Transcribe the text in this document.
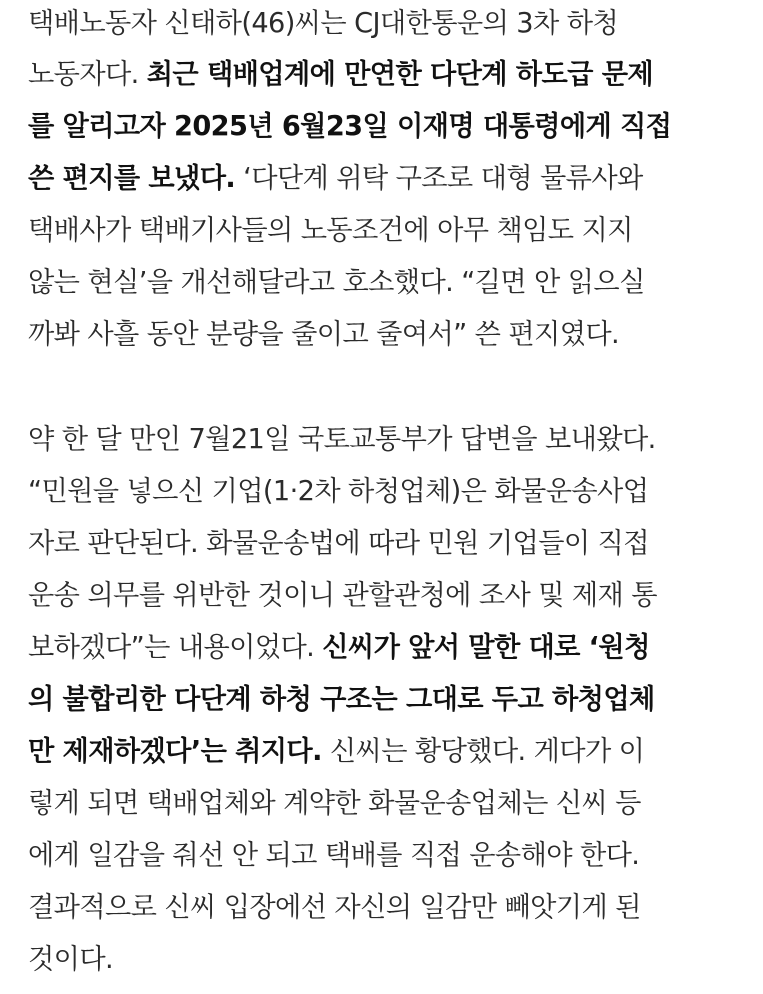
택배노동자 신태하(46)씨는 CJ대한통운의 3차 하청
노동자다. 최근 택배업계에 만연한 다단계 하도급 문제
를 알리고자 2025년 6월23일 이재명 대통령에게 직접
쓴 편지를 보냈다. ‘다단계 위탁 구조로 대형 물류사와
택배사가 택배기사들의 노동조건에 아무 책임도 지지
않는 현실’을 개선해달라고 호소했다. “길면 안 읽으실
까봐 사흘 동안 분량을 줄이고 줄여서” 쓴 편지였다.
약 한 달 만인 7월21일 국토교통부가 답변을 보내왔다.
“민원을 넣으신 기업(1·2차 하청업체)은 화물운송사업
자로 판단된다. 화물운송법에 따라 민원 기업들이 직접
운송 의무를 위반한 것이니 관할관청에 조사 및 제재 통
보하겠다”는 내용이었다. 신씨가 앞서 말한 대로 ‘원청
의 불합리한 다단계 하청 구조는 그대로 두고 하청업체
만 제재하겠다’는 취지다. 신씨는 황당했다. 게다가 이
렇게 되면 택배업체와 계약한 화물운송업체는 신씨 등
에게 일감을 줘선 안 되고 택배를 직접 운송해야 한다.
결과적으로 신씨 입장에선 자신의 일감만 빼앗기게 된
것이다.
